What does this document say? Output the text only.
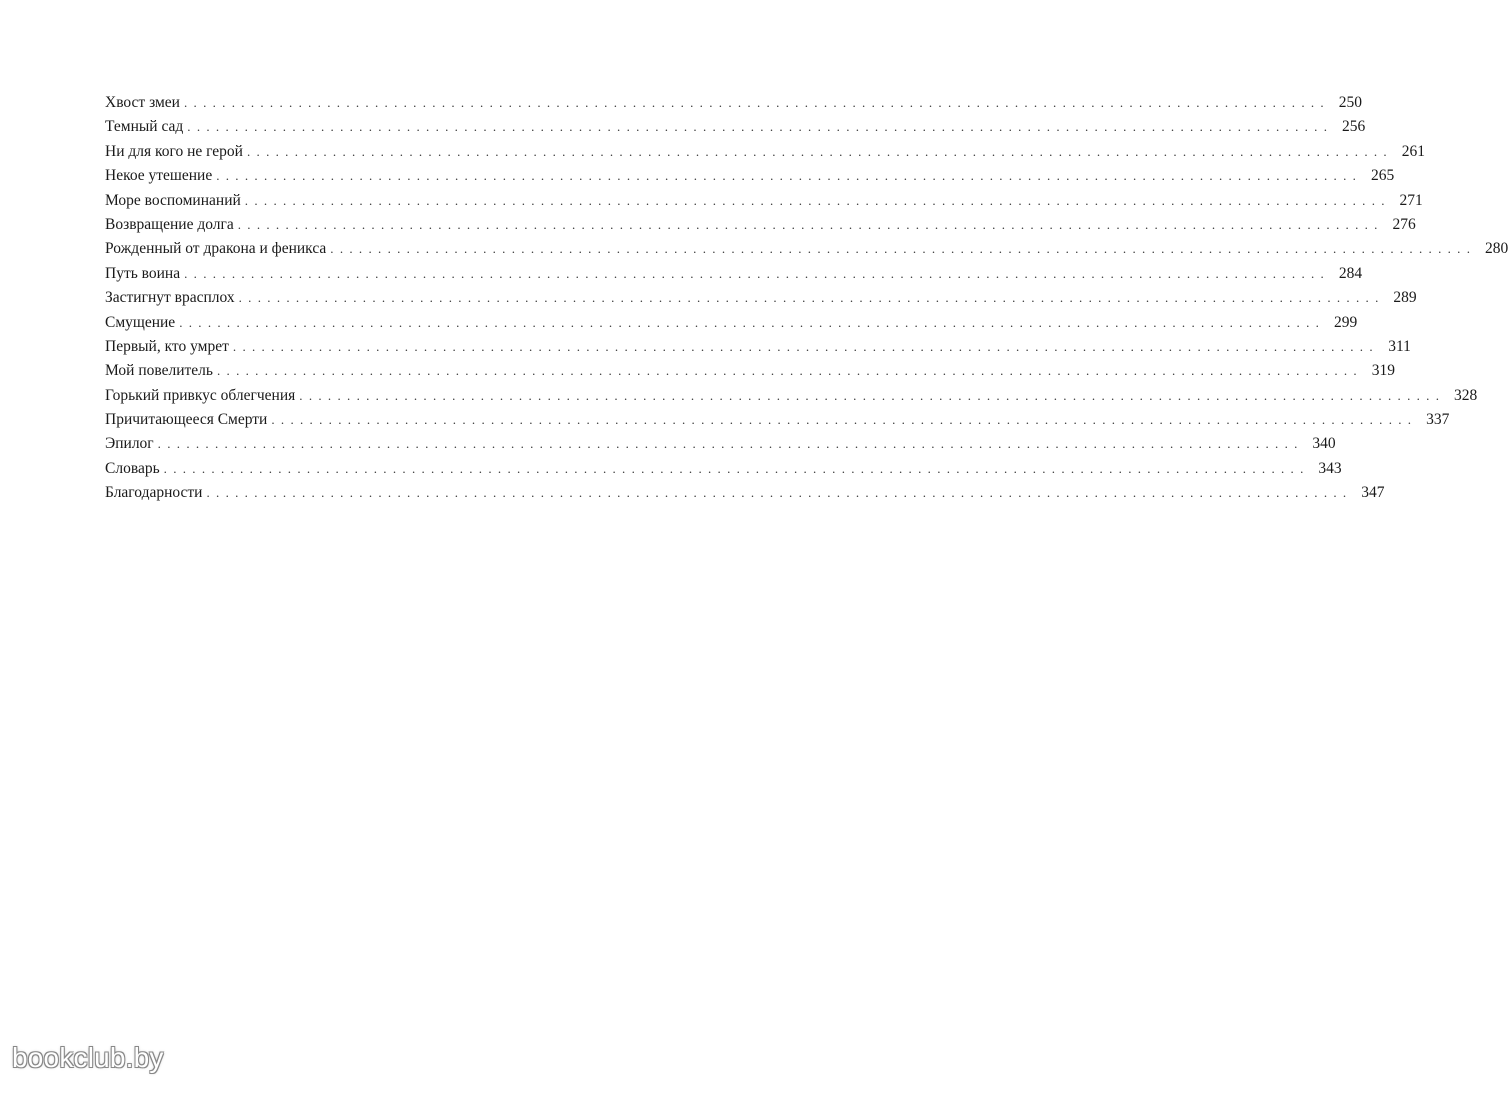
Хвост змеи ........................................................................................................................ 250
Темный сад ........................................................................................................................ 256
Ни для кого не герой ........................................................................................................................ 261
Некое утешение ........................................................................................................................ 265
Море воспоминаний ........................................................................................................................ 271
Возвращение долга ........................................................................................................................ 276
Рожденный от дракона и феникса ........................................................................................................................ 280
Путь воина ........................................................................................................................ 284
Застигнут врасплох ........................................................................................................................ 289
Смущение ........................................................................................................................ 299
Первый, кто умрет ........................................................................................................................ 311
Мой повелитель ........................................................................................................................ 319
Горький привкус облегчения ........................................................................................................................ 328
Причитающееся Смерти ........................................................................................................................ 337
Эпилог ........................................................................................................................ 340
Словарь ........................................................................................................................ 343
Благодарности ........................................................................................................................ 347
bookclub.by
